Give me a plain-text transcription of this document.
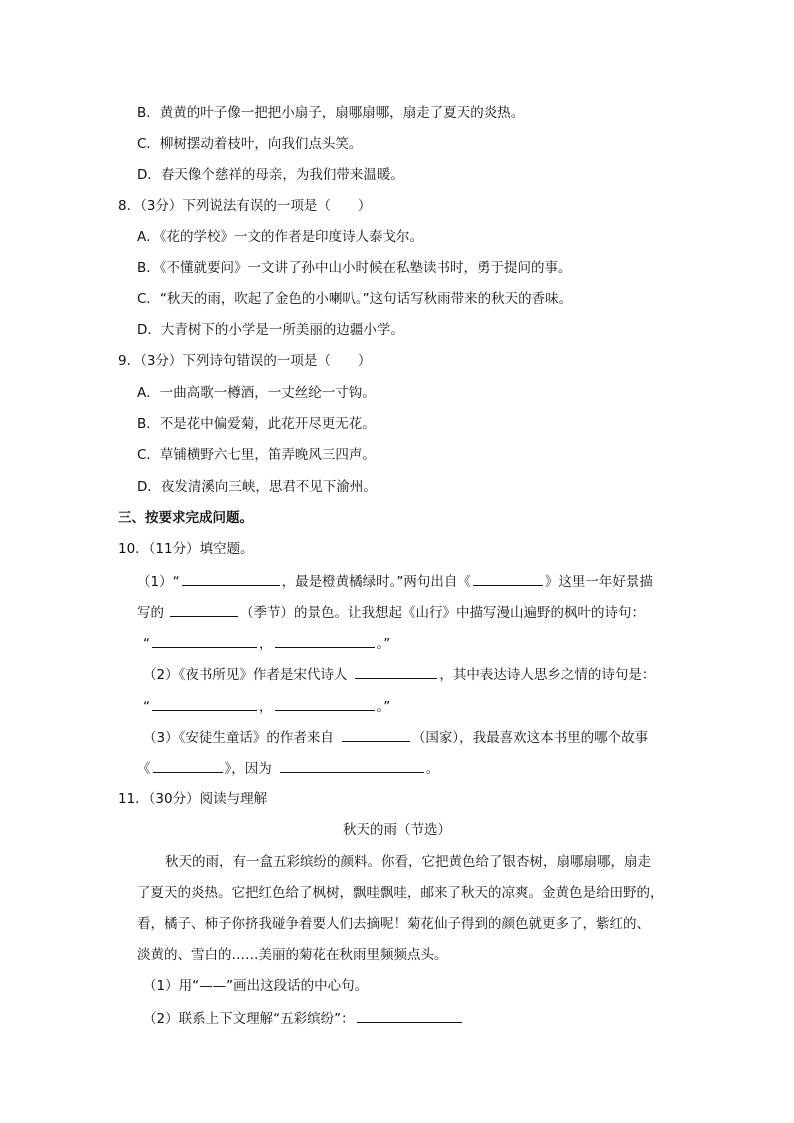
B．黄黄的叶子像一把把小扇子，扇哪扇哪，扇走了夏天的炎热。
C．柳树摆动着枝叶，向我们点头笑。
D．春天像个慈祥的母亲，为我们带来温暖。
8．（3分）下列说法有误的一项是（　　）
A．《花的学校》一文的作者是印度诗人泰戈尔。
B．《不懂就要问》一文讲了孙中山小时候在私塾读书时，勇于提问的事。
C．“秋天的雨，吹起了金色的小喇叭。”这句话写秋雨带来的秋天的香味。
D．大青树下的小学是一所美丽的边疆小学。
9．（3分）下列诗句错误的一项是（　　）
A．一曲高歌一樽酒，一丈丝纶一寸钩。
B．不是花中偏爱菊，此花开尽更无花。
C．草铺横野六七里，笛弄晚风三四声。
D．夜发清溪向三峡，思君不见下渝州。
三、按要求完成问题。
10．（11分）填空题。
（1）“	，最是橙黄橘绿时。”两句出自《	》这里一年好景描
写的	（季节）的景色。让我想起《山行》中描写漫山遍野的枫叶的诗句：
“	，	。”
（2）《夜书所见》作者是宋代诗人	，其中表达诗人思乡之情的诗句是：
“	，	。”
（3）《安徒生童话》的作者来自	（国家），我最喜欢这本书里的哪个故事
《	》，因为	。
11．（30分）阅读与理解
秋天的雨（节选）
秋天的雨，有一盒五彩缤纷的颜料。你看，它把黄色给了银杏树，扇哪扇哪，扇走
了夏天的炎热。它把红色给了枫树，飘哇飘哇，邮来了秋天的凉爽。金黄色是给田野的，
看，橘子、柿子你挤我碰争着要人们去摘呢！菊花仙子得到的颜色就更多了，紫红的、
淡黄的、雪白的……美丽的菊花在秋雨里频频点头。
（1）用“——”画出这段话的中心句。
（2）联系上下文理解“五彩缤纷”：
